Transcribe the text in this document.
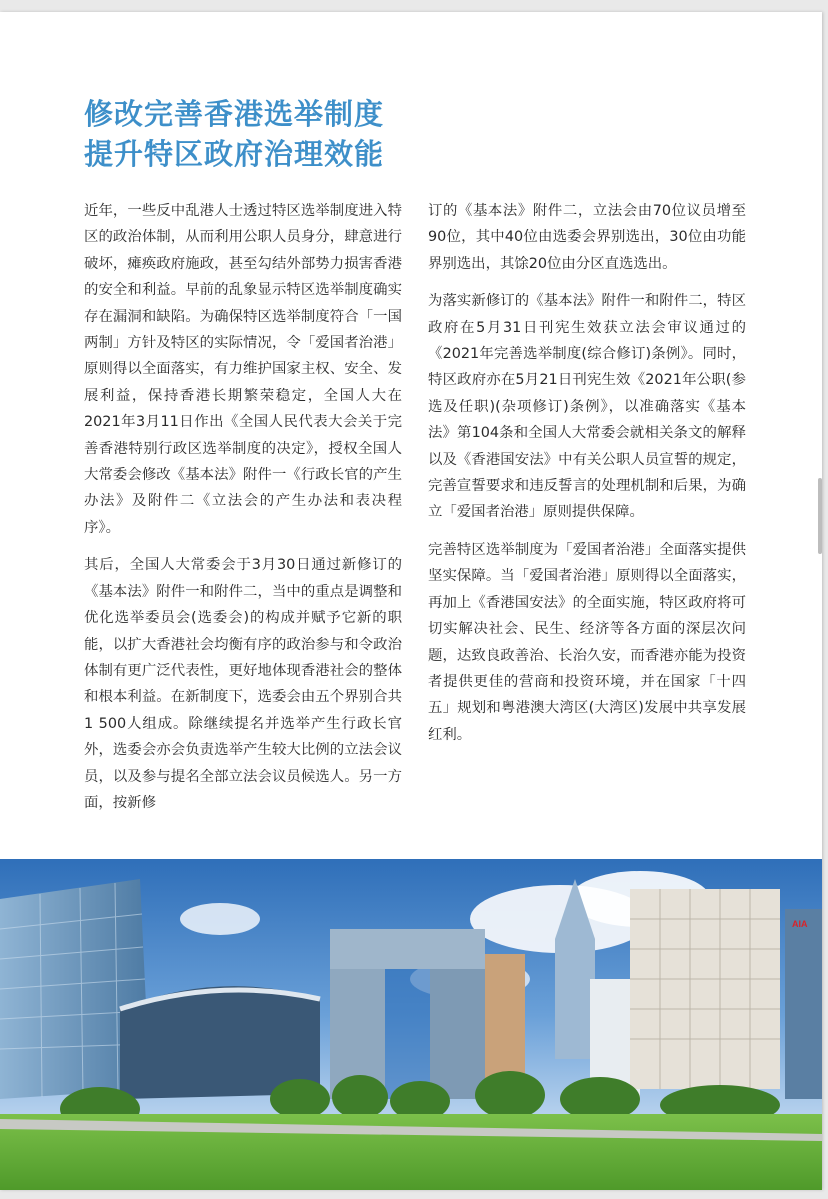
修改完善香港选举制度
提升特区政府治理效能

近年，一些反中乱港人士透过特区选举制度进入特区的政治体制，从而利用公职人员身分，肆意进行破坏，瘫痪政府施政，甚至勾结外部势力损害香港的安全和利益。早前的乱象显示特区选举制度确实存在漏洞和缺陷。为确保特区选举制度符合「一国两制」方针及特区的实际情况，令「爱国者治港」原则得以全面落实，有力维护国家主权、安全、发展利益，保持香港长期繁荣稳定，全国人大在2021年3月11日作出《全国人民代表大会关于完善香港特别行政区选举制度的决定》，授权全国人大常委会修改《基本法》附件一《行政长官的产生办法》及附件二《立法会的产生办法和表决程序》。

其后，全国人大常委会于3月30日通过新修订的《基本法》附件一和附件二，当中的重点是调整和优化选举委员会(选委会)的构成并赋予它新的职能，以扩大香港社会均衡有序的政治参与和令政治体制有更广泛代表性，更好地体现香港社会的整体和根本利益。在新制度下，选委会由五个界别合共1 500人组成。除继续提名并选举产生行政长官外，选委会亦会负责选举产生较大比例的立法会议员，以及参与提名全部立法会议员候选人。另一方面，按新修

订的《基本法》附件二，立法会由70位议员增至90位，其中40位由选委会界别选出，30位由功能界别选出，其馀20位由分区直选选出。

为落实新修订的《基本法》附件一和附件二，特区政府在5月31日刊宪生效获立法会审议通过的《2021年完善选举制度(综合修订)条例》。同时，特区政府亦在5月21日刊宪生效《2021年公职(参选及任职)(杂项修订)条例》，以准确落实《基本法》第104条和全国人大常委会就相关条文的解释以及《香港国安法》中有关公职人员宣誓的规定，完善宣誓要求和违反誓言的处理机制和后果，为确立「爱国者治港」原则提供保障。

完善特区选举制度为「爱国者治港」全面落实提供坚实保障。当「爱国者治港」原则得以全面落实，再加上《香港国安法》的全面实施，特区政府将可切实解决社会、民生、经济等各方面的深层次问题，达致良政善治、长治久安，而香港亦能为投资者提供更佳的营商和投资环境，并在国家「十四五」规划和粤港澳大湾区(大湾区)发展中共享发展红利。

AIA
